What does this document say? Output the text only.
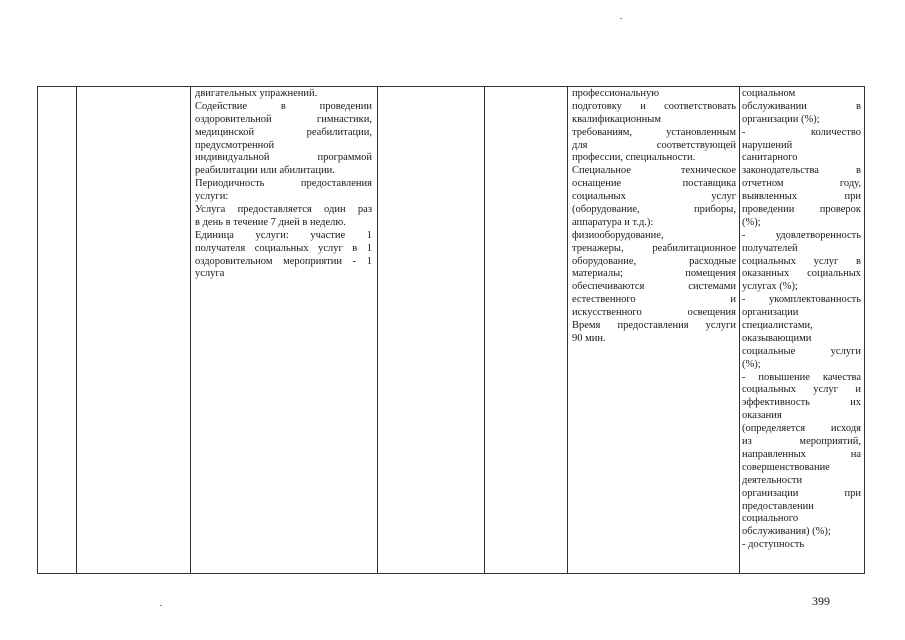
двигательных упражнений.
Содействие в проведении
оздоровительной гимнастики,
медицинской реабилитации,
предусмотренной
индивидуальной программой
реабилитации или абилитации.
Периодичность предоставления
услуги:
Услуга предоставляется один раз
в день в течение 7 дней в неделю.
Единица услуги: участие 1
получателя социальных услуг в 1
оздоровительном мероприятии - 1
услуга
профессиональную
подготовку и соответствовать
квалификационным
требованиям, установленным
для соответствующей
профессии, специальности.
Специальное техническое
оснащение поставщика
социальных услуг
(оборудование, приборы,
аппаратура и т.д.):
физиооборудование,
тренажеры, реабилитационное
оборудование, расходные
материалы; помещения
обеспечиваются системами
естественного и
искусственного освещения
Время предоставления услуги
90 мин.
социальном
обслуживании в
организации (%);
- количество
нарушений
санитарного
законодательства в
отчетном году,
выявленных при
проведении проверок
(%);
- удовлетворенность
получателей
социальных услуг в
оказанных социальных
услугах (%);
- укомплектованность
организации
специалистами,
оказывающими
социальные услуги
(%);
- повышение качества
социальных услуг и
эффективность их
оказания
(определяется исходя
из мероприятий,
направленных на
совершенствование
деятельности
организации при
предоставлении
социального
обслуживания) (%);
- доступность
399
